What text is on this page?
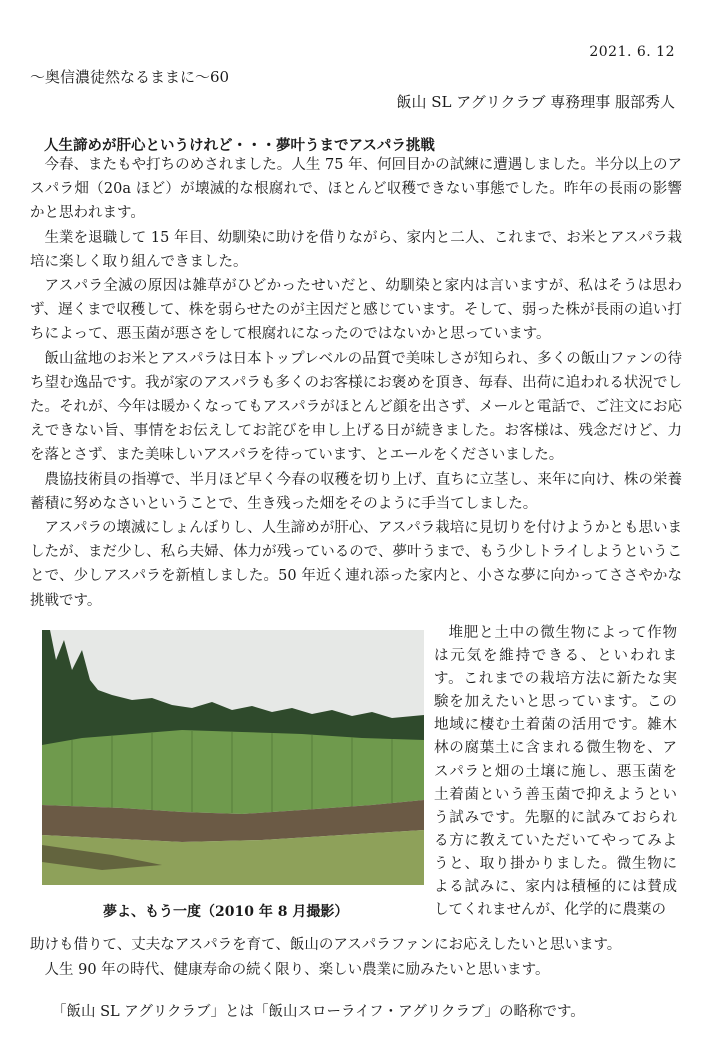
2021. 6. 12
～奥信濃徒然なるままに～60
飯山 SL アグリクラブ 専務理事 服部秀人
人生諦めが肝心というけれど・・・夢叶うまでアスパラ挑戦

今春、またもや打ちのめされました。人生 75 年、何回目かの試練に遭遇しました。半分以上のアスパラ畑（20a ほど）が壊滅的な根腐れで、ほとんど収穫できない事態でした。昨年の長雨の影響かと思われます。

生業を退職して 15 年目、幼馴染に助けを借りながら、家内と二人、これまで、お米とアスパラ栽培に楽しく取り組んできました。

アスパラ全滅の原因は雑草がひどかったせいだと、幼馴染と家内は言いますが、私はそうは思わず、遅くまで収穫して、株を弱らせたのが主因だと感じています。そして、弱った株が長雨の追い打ちによって、悪玉菌が悪さをして根腐れになったのではないかと思っています。

飯山盆地のお米とアスパラは日本トップレベルの品質で美味しさが知られ、多くの飯山ファンの待ち望む逸品です。我が家のアスパラも多くのお客様にお褒めを頂き、毎春、出荷に追われる状況でした。それが、今年は暖かくなってもアスパラがほとんど顔を出さず、メールと電話で、ご注文にお応えできない旨、事情をお伝えしてお詫びを申し上げる日が続きました。お客様は、残念だけど、力を落とさず、また美味しいアスパラを待っています、とエールをくださいました。

農協技術員の指導で、半月ほど早く今春の収穫を切り上げ、直ちに立茎し、来年に向け、株の栄養蓄積に努めなさいということで、生き残った畑をそのように手当てしました。

アスパラの壊滅にしょんぼりし、人生諦めが肝心、アスパラ栽培に見切りを付けようかとも思いましたが、まだ少し、私ら夫婦、体力が残っているので、夢叶うまで、もう少しトライしようということで、少しアスパラを新植しました。50 年近く連れ添った家内と、小さな夢に向かってささやかな挑戦です。

堆肥と土中の微生物によって作物は元気を維持できる、といわれます。これまでの栽培方法に新たな実験を加えたいと思っています。この地域に棲む土着菌の活用です。雑木林の腐葉土に含まれる微生物を、アスパラと畑の土壌に施し、悪玉菌を土着菌という善玉菌で抑えようという試みです。先駆的に試みておられる方に教えていただいてやってみようと、取り掛かりました。微生物による試みに、家内は積極的には賛成してくれませんが、化学的に農薬の

夢よ、もう一度（2010 年 8 月撮影）

助けも借りて、丈夫なアスパラを育て、飯山のアスパラファンにお応えしたいと思います。

人生 90 年の時代、健康寿命の続く限り、楽しい農業に励みたいと思います。

「飯山 SL アグリクラブ」とは「飯山スローライフ・アグリクラブ」の略称です。
